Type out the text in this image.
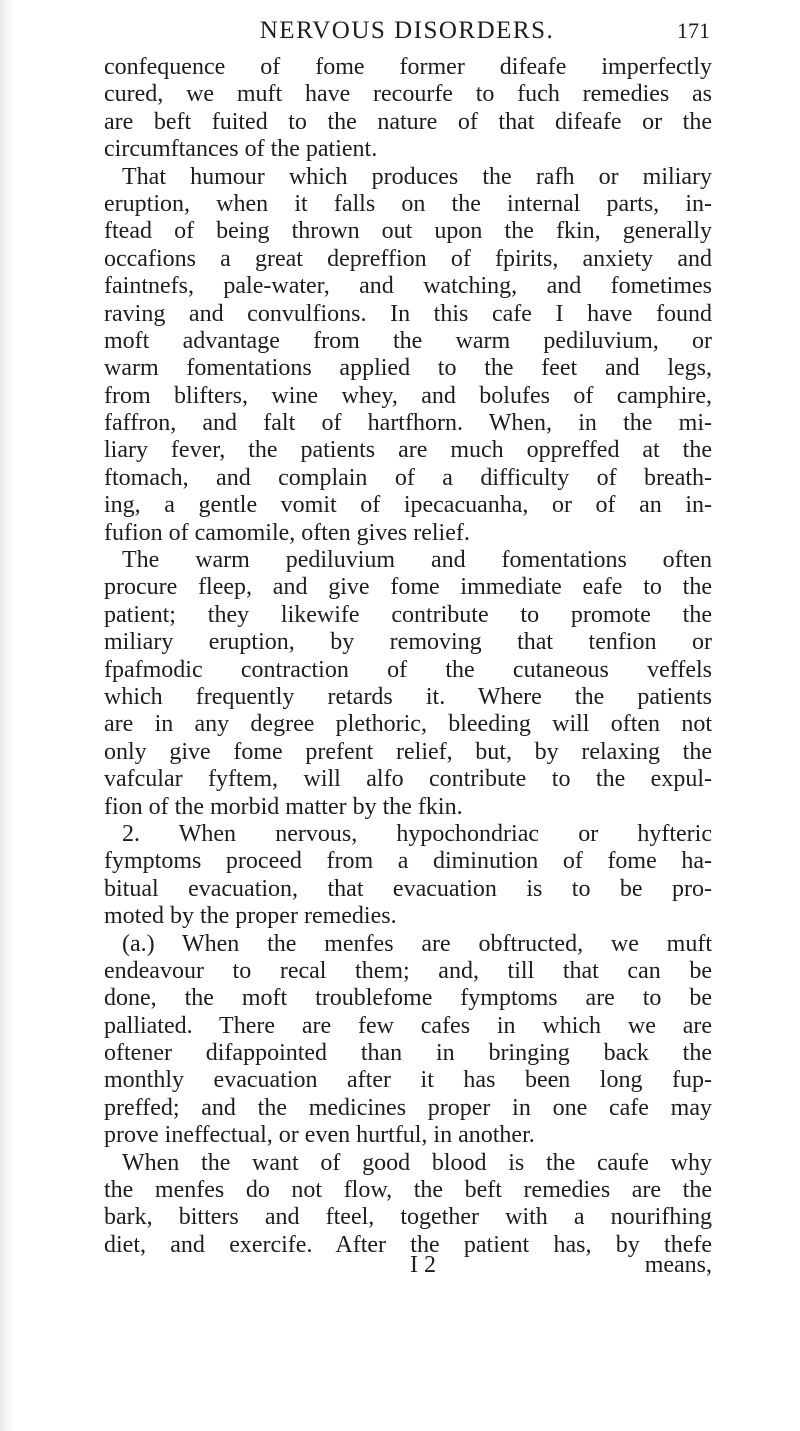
NERVOUS DISORDERS.	171
confequence of fome former difeafe imperfectly
cured, we muft have recourfe to fuch remedies as
are beft fuited to the nature of that difeafe or the
circumftances of the patient.
That humour which produces the rafh or miliary
eruption, when it falls on the internal parts, in-
ftead of being thrown out upon the fkin, generally
occafions a great depreffion of fpirits, anxiety and
faintnefs, pale-water, and watching, and fometimes
raving and convulfions. In this cafe I have found
moft advantage from the warm pediluvium, or
warm fomentations applied to the feet and legs,
from blifters, wine whey, and bolufes of camphire,
faffron, and falt of hartfhorn. When, in the mi-
liary fever, the patients are much oppreffed at the
ftomach, and complain of a difficulty of breath-
ing, a gentle vomit of ipecacuanha, or of an in-
fufion of camomile, often gives relief.
The warm pediluvium and fomentations often
procure fleep, and give fome immediate eafe to the
patient; they likewife contribute to promote the
miliary eruption, by removing that tenfion or
fpafmodic contraction of the cutaneous veffels
which frequently retards it. Where the patients
are in any degree plethoric, bleeding will often not
only give fome prefent relief, but, by relaxing the
vafcular fyftem, will alfo contribute to the expul-
fion of the morbid matter by the fkin.
2. When nervous, hypochondriac or hyfteric
fymptoms proceed from a diminution of fome ha-
bitual evacuation, that evacuation is to be pro-
moted by the proper remedies.
(a.) When the menfes are obftructed, we muft
endeavour to recal them; and, till that can be
done, the moft troublefome fymptoms are to be
palliated. There are few cafes in which we are
oftener difappointed than in bringing back the
monthly evacuation after it has been long fup-
preffed; and the medicines proper in one cafe may
prove ineffectual, or even hurtful, in another.
When the want of good blood is the caufe why
the menfes do not flow, the beft remedies are the
bark, bitters and fteel, together with a nourifhing
diet, and exercife. After the patient has, by thefe
I 2	means,
